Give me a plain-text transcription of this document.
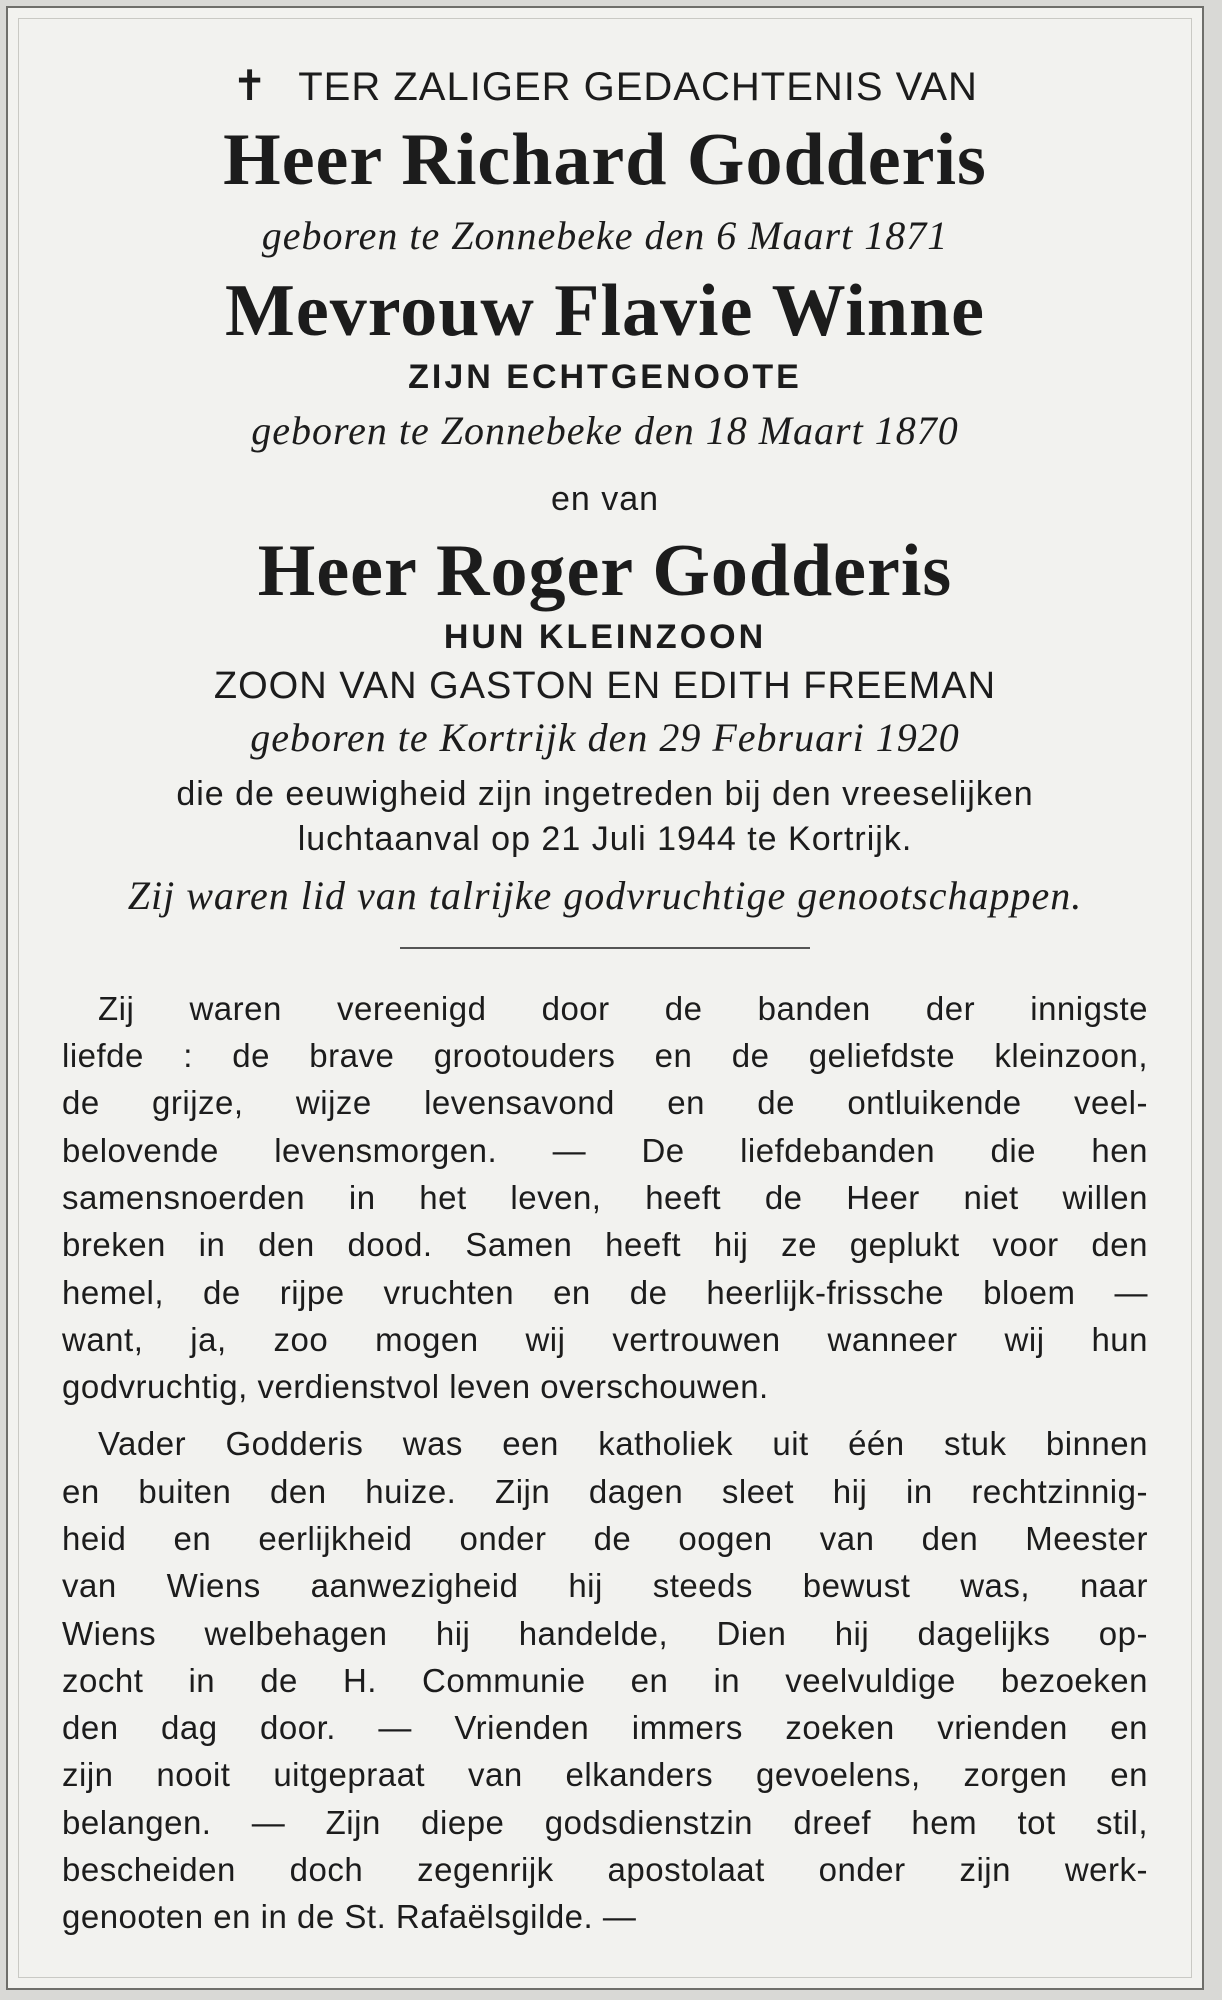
✝ TER ZALIGER GEDACHTENIS VAN
Heer Richard Godderis
geboren te Zonnebeke den 6 Maart 1871
Mevrouw Flavie Winne
ZIJN ECHTGENOOTE
geboren te Zonnebeke den 18 Maart 1870
en van
Heer Roger Godderis
HUN KLEINZOON
ZOON VAN GASTON EN EDITH FREEMAN
geboren te Kortrijk den 29 Februari 1920
die de eeuwigheid zijn ingetreden bij den vreeselijken
luchtaanval op 21 Juli 1944 te Kortrijk.
Zij waren lid van talrijke godvruchtige genootschappen.

Zij waren vereenigd door de banden der innigste

liefde : de brave grootouders en de geliefdste kleinzoon,

de grijze, wijze levensavond en de ontluikende veel-

belovende levensmorgen. — De liefdebanden die hen

samensnoerden in het leven, heeft de Heer niet willen

breken in den dood. Samen heeft hij ze geplukt voor den

hemel, de rijpe vruchten en de heerlijk-frissche bloem —

want, ja, zoo mogen wij vertrouwen wanneer wij hun

godvruchtig, verdienstvol leven overschouwen.

Vader Godderis was een katholiek uit één stuk binnen

en buiten den huize. Zijn dagen sleet hij in rechtzinnig-

heid en eerlijkheid onder de oogen van den Meester

van Wiens aanwezigheid hij steeds bewust was, naar

Wiens welbehagen hij handelde, Dien hij dagelijks op-

zocht in de H. Communie en in veelvuldige bezoeken

den dag door. — Vrienden immers zoeken vrienden en

zijn nooit uitgepraat van elkanders gevoelens, zorgen en

belangen. — Zijn diepe godsdienstzin dreef hem tot stil,

bescheiden doch zegenrijk apostolaat onder zijn werk-

genooten en in de St. Rafaëlsgilde. —
